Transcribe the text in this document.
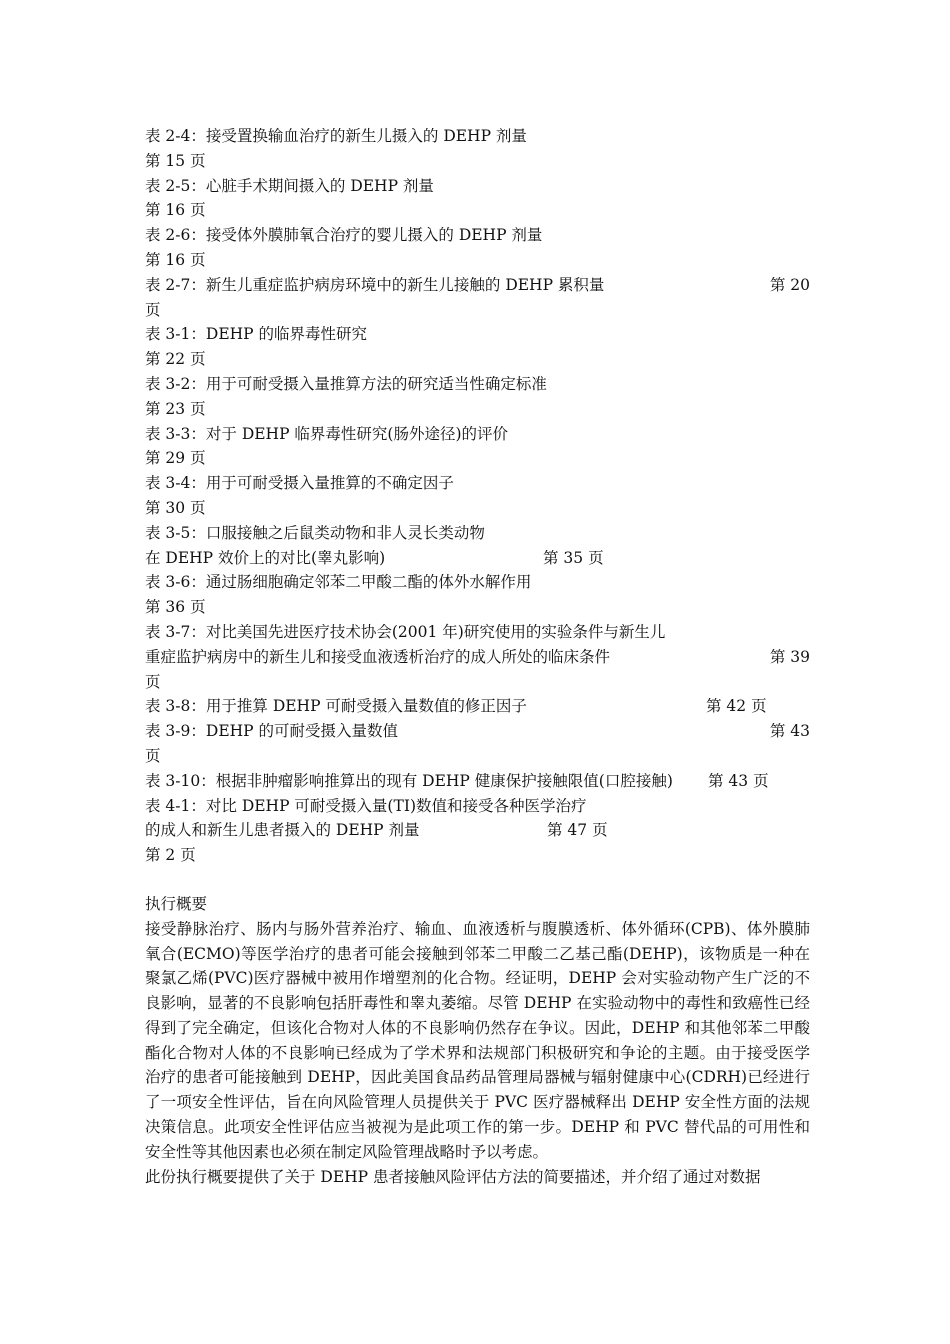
表 2-4：接受置换输血治疗的新生儿摄入的 DEHP 剂量
第 15 页
表 2-5：心脏手术期间摄入的 DEHP 剂量
第 16 页
表 2-6：接受体外膜肺氧合治疗的婴儿摄入的 DEHP 剂量
第 16 页
表 2-7：新生儿重症监护病房环境中的新生儿接触的 DEHP 累积量	第 20
页
表 3-1：DEHP 的临界毒性研究
第 22 页
表 3-2：用于可耐受摄入量推算方法的研究适当性确定标准
第 23 页
表 3-3：对于 DEHP 临界毒性研究(肠外途径)的评价
第 29 页
表 3-4：用于可耐受摄入量推算的不确定因子
第 30 页
表 3-5：口服接触之后鼠类动物和非人灵长类动物
在 DEHP 效价上的对比(睾丸影响)	第 35 页
表 3-6：通过肠细胞确定邻苯二甲酸二酯的体外水解作用
第 36 页
表 3-7：对比美国先进医疗技术协会(2001 年)研究使用的实验条件与新生儿
重症监护病房中的新生儿和接受血液透析治疗的成人所处的临床条件	第 39
页
表 3-8：用于推算 DEHP 可耐受摄入量数值的修正因子	第 42 页
表 3-9：DEHP 的可耐受摄入量数值	第 43
页
表 3-10：根据非肿瘤影响推算出的现有 DEHP 健康保护接触限值(口腔接触) 第 43 页
表 4-1：对比 DEHP 可耐受摄入量(TI)数值和接受各种医学治疗
的成人和新生儿患者摄入的 DEHP 剂量	第 47 页
第 2 页
执行概要
接受静脉治疗、肠内与肠外营养治疗、输血、血液透析与腹膜透析、体外循环(CPB)、体外膜肺氧合(ECMO)等医学治疗的患者可能会接触到邻苯二甲酸二乙基己酯(DEHP)，该物质是一种在聚氯乙烯(PVC)医疗器械中被用作增塑剂的化合物。经证明，DEHP 会对实验动物产生广泛的不良影响，显著的不良影响包括肝毒性和睾丸萎缩。尽管 DEHP 在实验动物中的毒性和致癌性已经得到了完全确定，但该化合物对人体的不良影响仍然存在争议。因此，DEHP 和其他邻苯二甲酸酯化合物对人体的不良影响已经成为了学术界和法规部门积极研究和争论的主题。由于接受医学治疗的患者可能接触到 DEHP，因此美国食品药品管理局器械与辐射健康中心(CDRH)已经进行了一项安全性评估，旨在向风险管理人员提供关于 PVC 医疗器械释出 DEHP 安全性方面的法规决策信息。此项安全性评估应当被视为是此项工作的第一步。DEHP 和 PVC 替代品的可用性和安全性等其他因素也必须在制定风险管理战略时予以考虑。
此份执行概要提供了关于 DEHP 患者接触风险评估方法的简要描述，并介绍了通过对数据
